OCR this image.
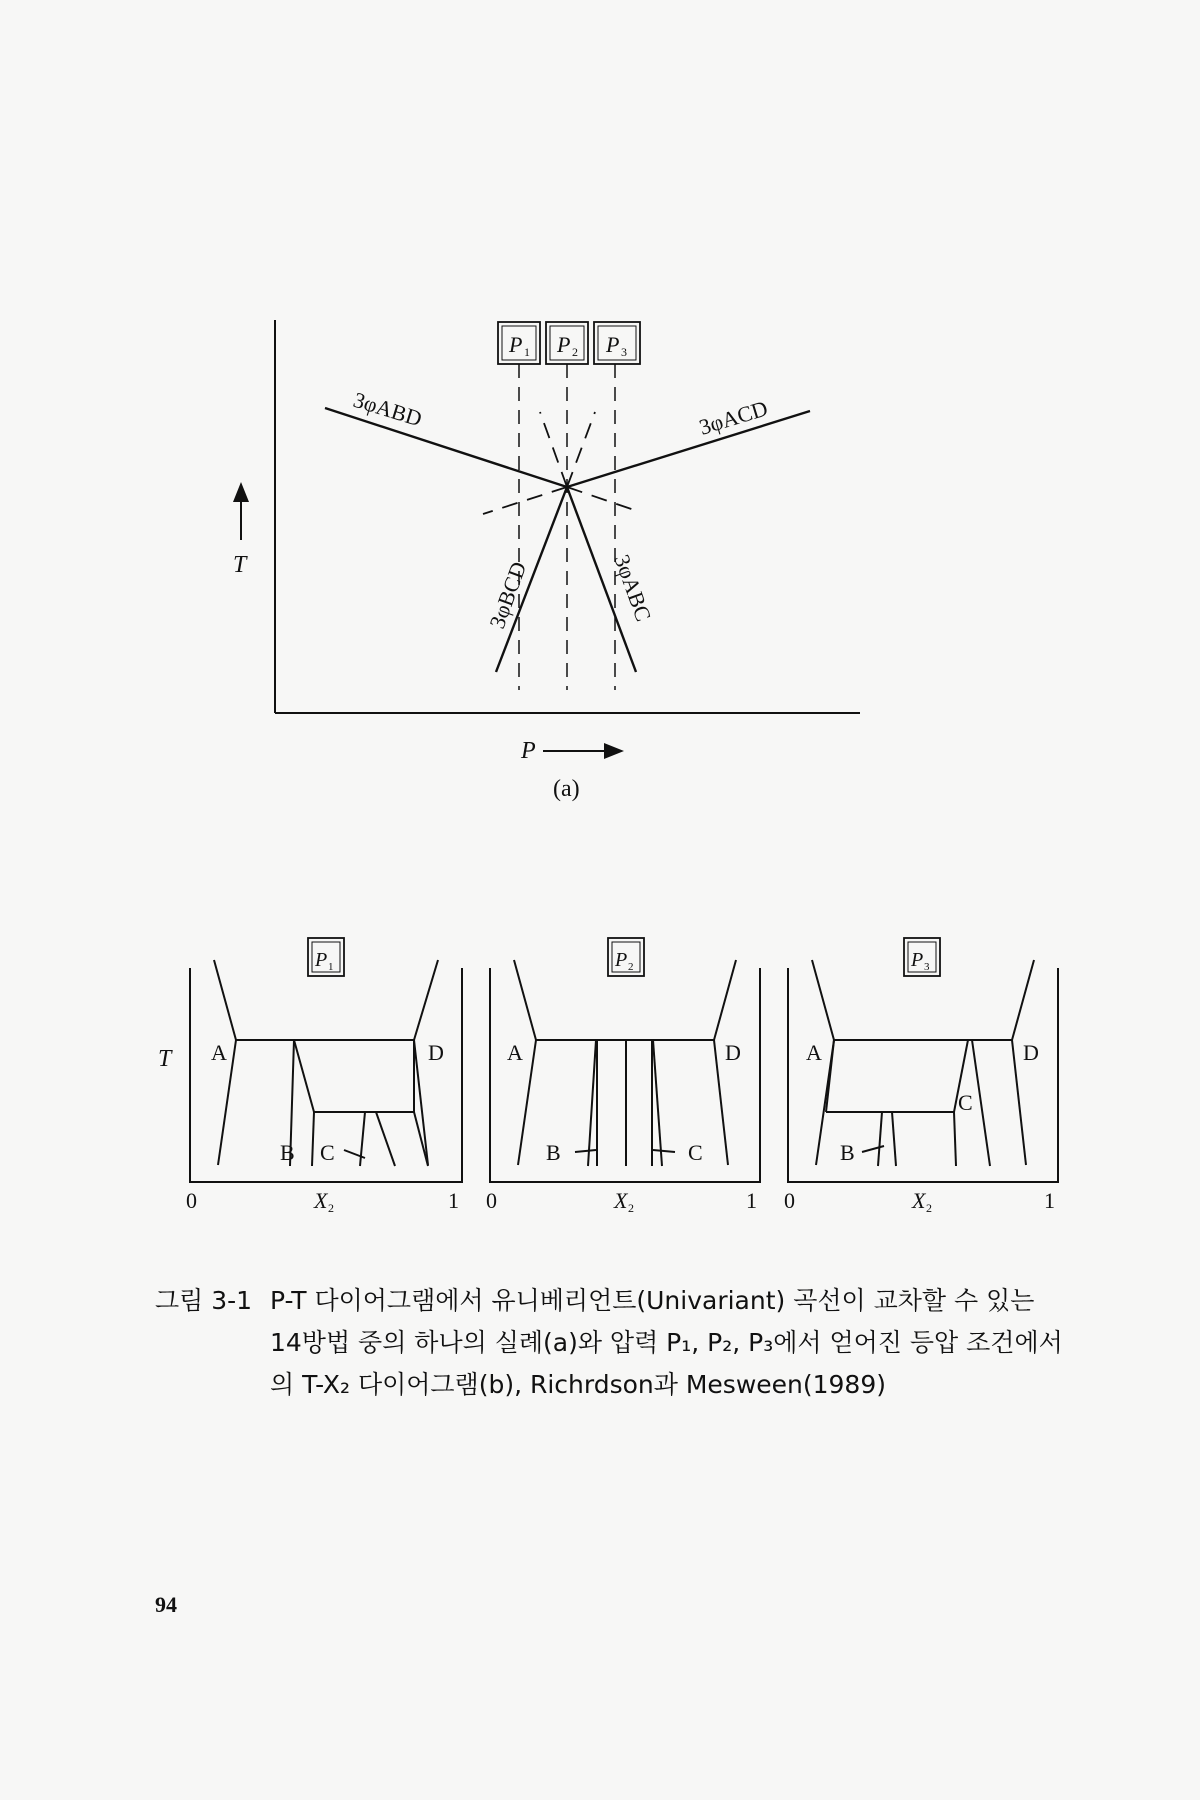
P 1 P 2 P 3
3φABD	3φACD
3φBCD	3φABC
T
P
(a)
T
P 1
A	D
B C
0	X 2	1
P 2
A	D
B	C
0	X 2	1
P 3
A	D
C
B
0	X 2	1
그림 3-1 P-T 다이어그램에서 유니베리언트(Univariant) 곡선이 교차할 수 있는
14방법 중의 하나의 실례(a)와 압력 P₁, P₂, P₃에서 얻어진 등압 조건에서
의 T-X₂ 다이어그램(b), Richrdson과 Mesween(1989)
94
